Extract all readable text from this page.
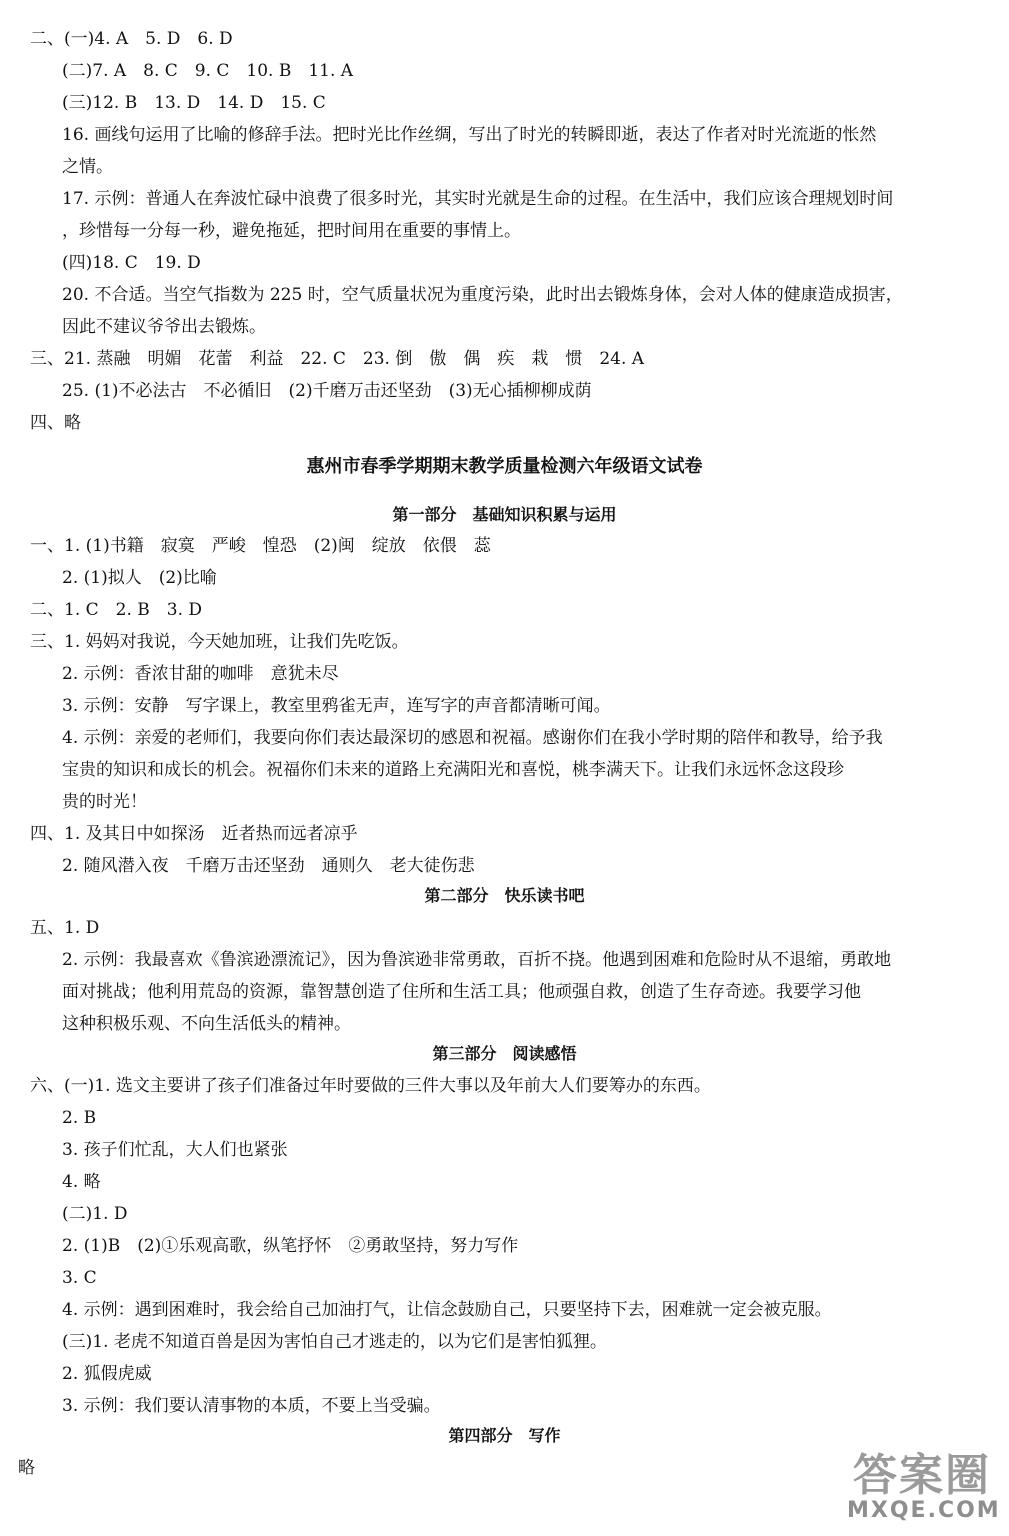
二、(一)4. A　5. D　6. D
(二)7. A　8. C　9. C　10. B　11. A
(三)12. B　13. D　14. D　15. C
16. 画线句运用了比喻的修辞手法。把时光比作丝绸，写出了时光的转瞬即逝，表达了作者对时光流逝的怅然
之情。
17. 示例：普通人在奔波忙碌中浪费了很多时光，其实时光就是生命的过程。在生活中，我们应该合理规划时间
，珍惜每一分每一秒，避免拖延，把时间用在重要的事情上。
(四)18. C　19. D
20. 不合适。当空气指数为 225 时，空气质量状况为重度污染，此时出去锻炼身体，会对人体的健康造成损害，
因此不建议爷爷出去锻炼。
三、21. 蒸融　明媚　花蕾　利益　22. C　23. 倒　傲　偶　疾　栽　惯　24. A
25. (1)不必法古　不必循旧　(2)千磨万击还坚劲　(3)无心插柳柳成荫
四、略
惠州市春季学期期末教学质量检测六年级语文试卷
第一部分　基础知识积累与运用
一、1. (1)书籍　寂寞　严峻　惶恐　(2)闽　绽放　依偎　蕊
2. (1)拟人　(2)比喻
二、1. C　2. B　3. D
三、1. 妈妈对我说，今天她加班，让我们先吃饭。
2. 示例：香浓甘甜的咖啡　意犹未尽
3. 示例：安静　写字课上，教室里鸦雀无声，连写字的声音都清晰可闻。
4. 示例：亲爱的老师们，我要向你们表达最深切的感恩和祝福。感谢你们在我小学时期的陪伴和教导，给予我
宝贵的知识和成长的机会。祝福你们未来的道路上充满阳光和喜悦，桃李满天下。让我们永远怀念这段珍
贵的时光！
四、1. 及其日中如探汤　近者热而远者凉乎
2. 随风潜入夜　千磨万击还坚劲　通则久　老大徒伤悲
第二部分　快乐读书吧
五、1. D
2. 示例：我最喜欢《鲁滨逊漂流记》，因为鲁滨逊非常勇敢，百折不挠。他遇到困难和危险时从不退缩，勇敢地
面对挑战；他利用荒岛的资源，靠智慧创造了住所和生活工具；他顽强自救，创造了生存奇迹。我要学习他
这种积极乐观、不向生活低头的精神。
第三部分　阅读感悟
六、(一)1. 选文主要讲了孩子们准备过年时要做的三件大事以及年前大人们要筹办的东西。
2. B
3. 孩子们忙乱，大人们也紧张
4. 略
(二)1. D
2. (1)B　(2)①乐观高歌，纵笔抒怀　②勇敢坚持，努力写作
3. C
4. 示例：遇到困难时，我会给自己加油打气，让信念鼓励自己，只要坚持下去，困难就一定会被克服。
(三)1. 老虎不知道百兽是因为害怕自己才逃走的，以为它们是害怕狐狸。
2. 狐假虎威
3. 示例：我们要认清事物的本质，不要上当受骗。
第四部分　写作
略	答案圈
MXQE.COM
